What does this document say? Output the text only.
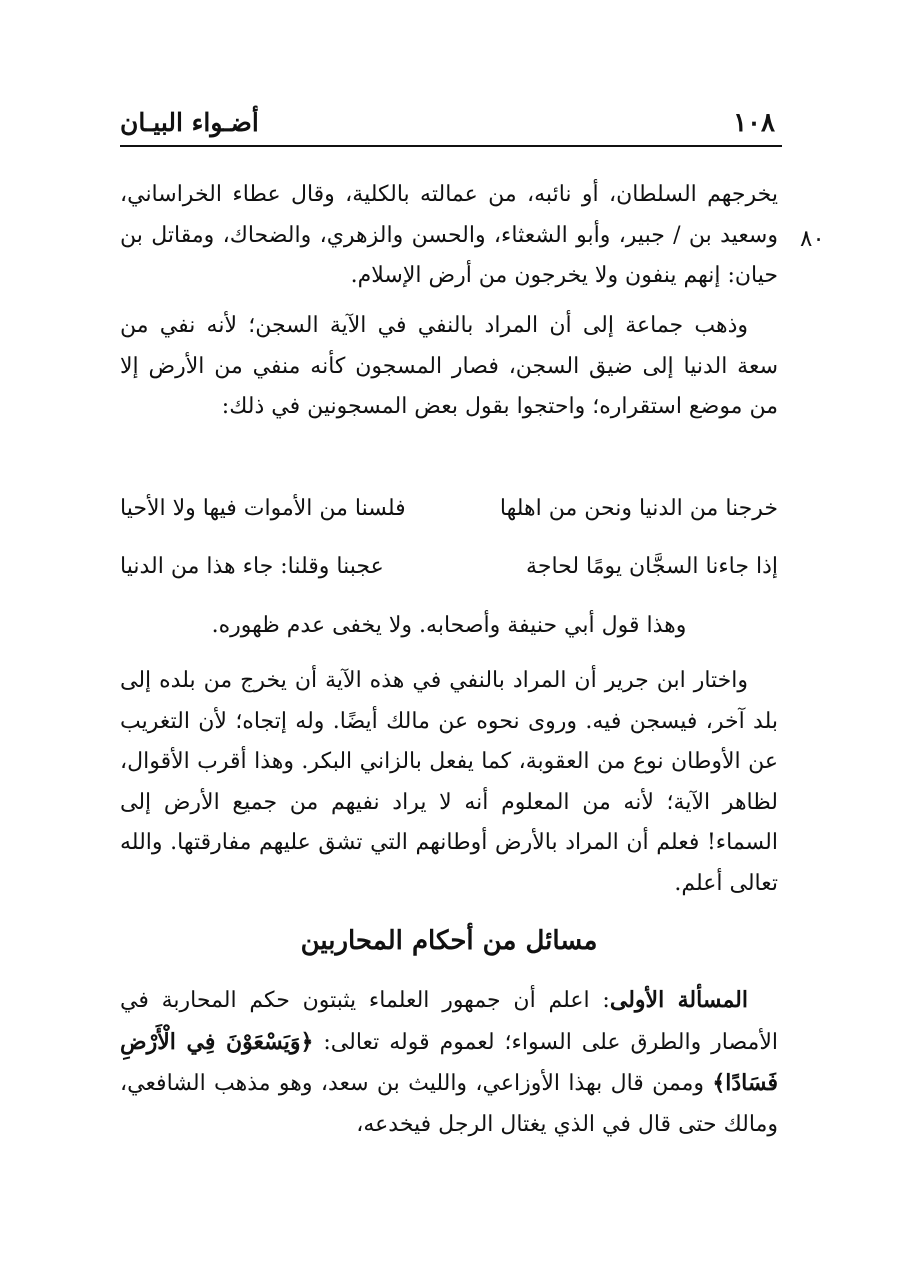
أضـواء البيـان	١٠٨
٨٠

يخرجهم السلطان، أو نائبه، من عمالته بالكلية، وقال عطاء الخراساني، وسعيد بن / جبير، وأبو الشعثاء، والحسن والزهري، والضحاك، ومقاتل بن حيان: إنهم ينفون ولا يخرجون من أرض الإسلام.

وذهب جماعة إلى أن المراد بالنفي في الآية السجن؛ لأنه نفي من سعة الدنيا إلى ضيق السجن، فصار المسجون كأنه منفي من الأرض إلا من موضع استقراره؛ واحتجوا بقول بعض المسجونين في ذلك:

خرجنا من الدنيا ونحن من اهلها
فلسنا من الأموات فيها ولا الأحيا
إذا جاءنا السجَّان يومًا لحاجة
عجبنا وقلنا: جاء هذا من الدنيا

وهذا قول أبي حنيفة وأصحابه. ولا يخفى عدم ظهوره.

واختار ابن جرير أن المراد بالنفي في هذه الآية أن يخرج من بلده إلى بلد آخر، فيسجن فيه. وروى نحوه عن مالك أيضًا. وله إتجاه؛ لأن التغريب عن الأوطان نوع من العقوبة، كما يفعل بالزاني البكر. وهذا أقرب الأقوال، لظاهر الآية؛ لأنه من المعلوم أنه لا يراد نفيهم من جميع الأرض إلى السماء! فعلم أن المراد بالأرض أوطانهم التي تشق عليهم مفارقتها. والله تعالى أعلم.

مسائل من أحكام المحاربين

المسألة الأولى: اعلم أن جمهور العلماء يثبتون حكم المحاربة في الأمصار والطرق على السواء؛ لعموم قوله تعالى: ﴿وَيَسْعَوْنَ فِي الْأَرْضِ فَسَادًا﴾ وممن قال بهذا الأوزاعي، والليث بن سعد، وهو مذهب الشافعي، ومالك حتى قال في الذي يغتال الرجل فيخدعه،
